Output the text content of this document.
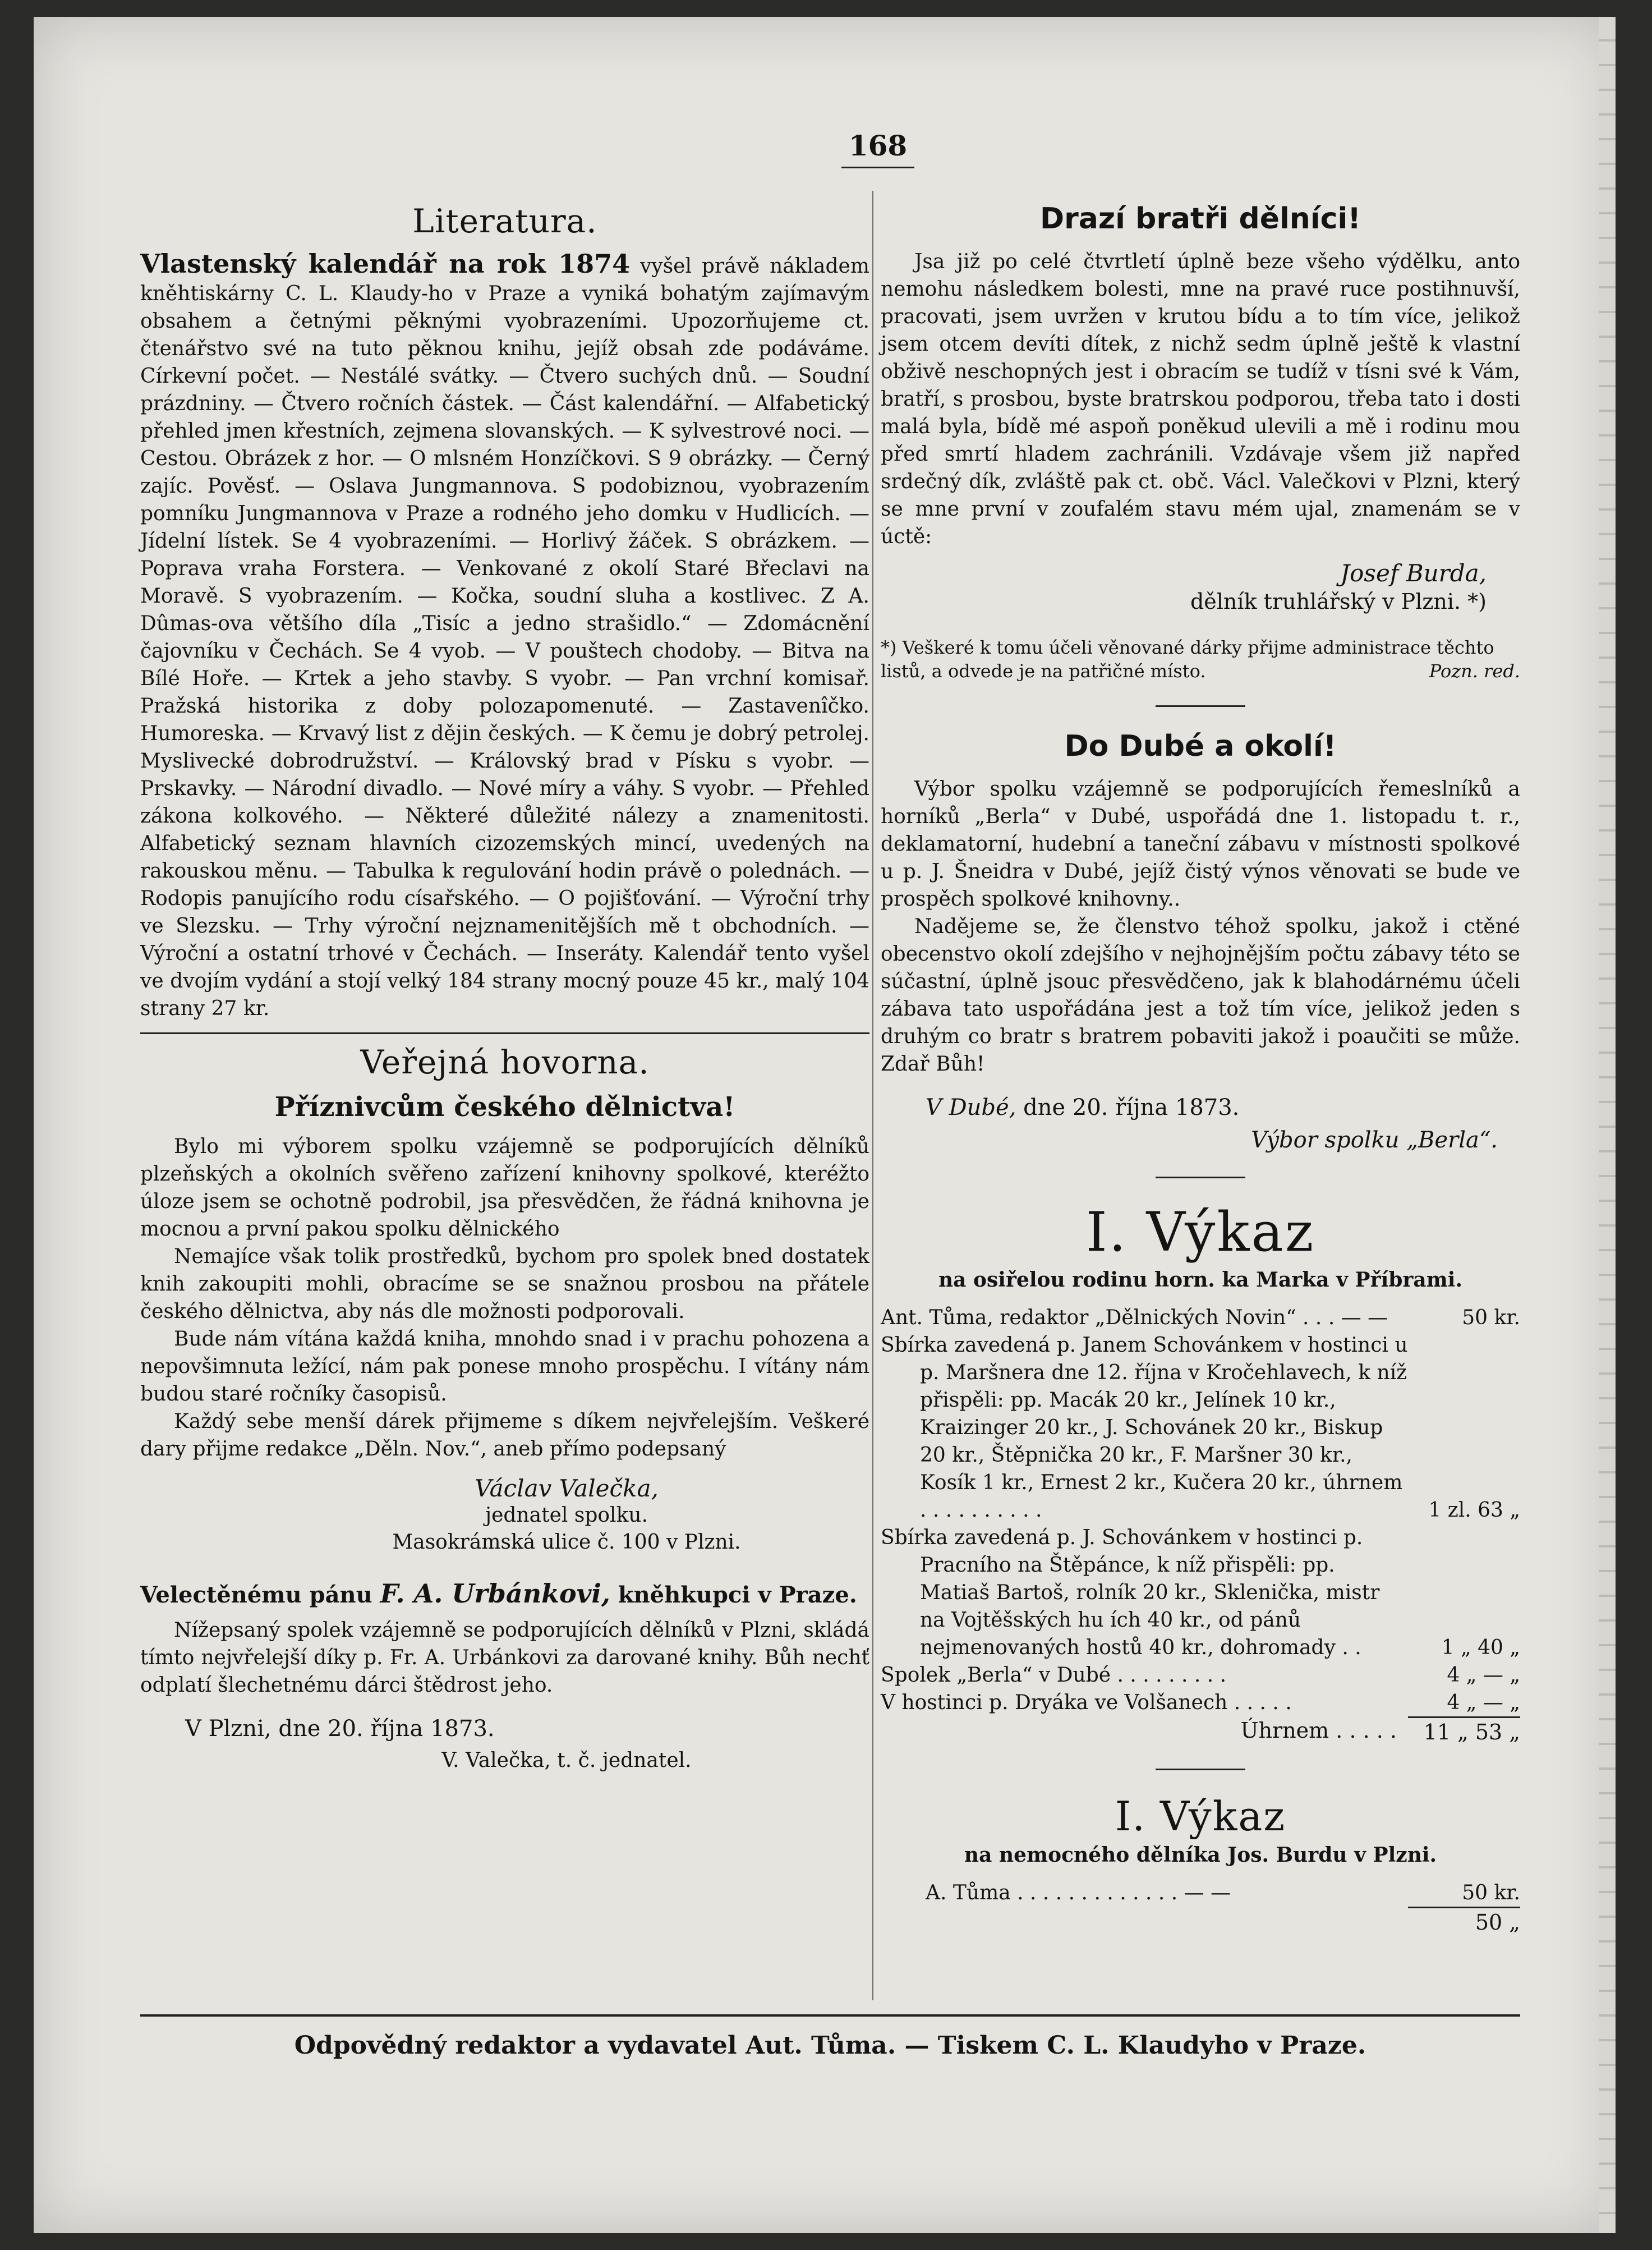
168
Literatura.

Vlastenský kalendář na rok 1874 vyšel právě nákladem kněhtiskárny C. L. Klaudy-ho v Praze a vyniká bohatým zajímavým obsahem a četnými pěknými vyobrazeními. Upozorňujeme ct. čtenářstvo své na tuto pěknou knihu, jejíž obsah zde podáváme. Církevní počet. — Nestálé svátky. — Čtvero suchých dnů. — Soudní prázdniny. — Čtvero ročních částek. — Část kalendářní. — Alfabetický přehled jmen křestních, zejmena slovanských. — K sylvestrové noci. — Cestou. Obrázek z hor. — O mlsném Honzíčkovi. S 9 obrázky. — Černý zajíc. Pověsť. — Oslava Jungmannova. S podobiznou, vyobrazením pomníku Jungmannova v Praze a rodného jeho domku v Hudlicích. — Jídelní lístek. Se 4 vyobrazeními. — Horlivý žáček. S obrázkem. — Poprava vraha Forstera. — Venkované z okolí Staré Břeclavi na Moravě. S vyobrazením. — Kočka, soudní sluha a kostlivec. Z A. Dûmas-ova většího díla „Tisíc a jedno strašidlo.“ — Zdomácnění čajovníku v Čechách. Se 4 vyob. — V pouštech chodoby. — Bitva na Bílé Hoře. — Krtek a jeho stavby. S vyobr. — Pan vrchní komisař. Pražská historika z doby polozapomenuté. — Zastavenîčko. Humoreska. — Krvavý list z dějin českých. — K čemu je dobrý petrolej. Myslivecké dobrodružství. — Královský brad v Písku s vyobr. — Prskavky. — Národní divadlo. — Nové míry a váhy. S vyobr. — Přehled zákona kolkového. — Některé důležité nálezy a znamenitosti. Alfabetický seznam hlavních cizozemských mincí, uvedených na rakouskou měnu. — Tabulka k regulování hodin právě o polednách. — Rodopis panujícího rodu císařského. — O pojišťování. — Výroční trhy ve Slezsku. — Trhy výroční nejznamenitějších mě t obchodních. — Výroční a ostatní trhové v Čechách. — Inseráty. Kalendář tento vyšel ve dvojím vydání a stojí velký 184 strany mocný pouze 45 kr., malý 104 strany 27 kr.

Veřejná hovorna.
Příznivcům českého dělnictva!

Bylo mi výborem spolku vzájemně se podporujících dělníků plzeňských a okolních svěřeno zařízení knihovny spolkové, kteréžto úloze jsem se ochotně podrobil, jsa přesvědčen, že řádná knihovna je mocnou a první pakou spolku dělnického

Nemajíce však tolik prostředků, bychom pro spolek bned dostatek knih zakoupiti mohli, obracíme se se snažnou prosbou na přátele českého dělnictva, aby nás dle možnosti podporovali.

Bude nám vítána každá kniha, mnohdo snad i v prachu pohozena a nepovšimnuta ležící, nám pak ponese mnoho prospěchu. I vítány nám budou staré ročníky časopisů.

Každý sebe menší dárek přijmeme s díkem nejvřelejším. Veškeré dary přijme redakce „Děln. Nov.“, aneb přímo podepsaný

Václav Valečka,
jednatel spolku.
Masokrámská ulice č. 100 v Plzni.
Velectěnému pánu F. A. Urbánkovi, kněhkupci v Praze.

Nížepsaný spolek vzájemně se podporujících dělníků v Plzni, skládá tímto nejvřelejší díky p. Fr. A. Urbánkovi za darované knihy. Bůh nechť odplatí šlechetnému dárci štědrost jeho.

V Plzni, dne 20. října 1873.
V. Valečka, t. č. jednatel.
Drazí bratři dělníci!

Jsa již po celé čtvrtletí úplně beze všeho výdělku, anto nemohu následkem bolesti, mne na pravé ruce postihnuvší, pracovati, jsem uvržen v krutou bídu a to tím více, jelikož jsem otcem devíti dítek, z nichž sedm úplně ještě k vlastní obživě neschopných jest i obracím se tudíž v tísni své k Vám, bratří, s prosbou, byste bratrskou podporou, třeba tato i dosti malá byla, bídě mé aspoň poněkud ulevili a mě i rodinu mou před smrtí hladem zachránili. Vzdávaje všem již napřed srdečný dík, zvláště pak ct. obč. Václ. Valečkovi v Plzni, který se mne první v zoufalém stavu mém ujal, znamenám se v úctě:

Josef Burda,
dělník truhlářský v Plzni. *)
*) Veškeré k tomu účeli věnované dárky přijme administrace těchto listů, a odvede je na patřičné místo.	Pozn. red.
Do Dubé a okolí!

Výbor spolku vzájemně se podporujících řemeslníků a horníků „Berla“ v Dubé, uspořádá dne 1. listopadu t. r., deklamatorní, hudební a taneční zábavu v místnosti spolkové u p. J. Šneidra v Dubé, jejíž čistý výnos věnovati se bude ve prospěch spolkové knihovny..

Nadějeme se, že členstvo téhož spolku, jakož i ctěné obecenstvo okolí zdejšího v nejhojnějším počtu zábavy této se súčastní, úplně jsouc přesvědčeno, jak k blahodárnému účeli zábava tato uspořádána jest a tož tím více, jelikož jeden s druhým co bratr s bratrem pobaviti jakož i poaučiti se může. Zdař Bůh!

V Dubé, dne 20. října 1873.
Výbor spolku „Berla“.
I. Výkaz
na osiřelou rodinu horn. ka Marka v Příbrami.
Ant. Tůma, redaktor „Dělnických Novin“ . . . — —	50 kr.
Sbírka zavedená p. Janem Schovánkem v hostinci u p. Maršnera dne 12. října v Kročehlavech, k níž přispěli: pp. Macák 20 kr., Jelínek 10 kr., Kraizinger 20 kr., J. Schovánek 20 kr., Biskup 20 kr., Štěpnička 20 kr., F. Maršner 30 kr., Kosík 1 kr., Ernest 2 kr., Kučera 20 kr., úhrnem . . . . . . . . . .	1 zl. 63 „
Sbírka zavedená p. J. Schovánkem v hostinci p. Pracního na Štěpánce, k níž přispěli: pp. Matiaš Bartoš, rolník 20 kr., Sklenička, mistr na Vojtěšských hu ích 40 kr., od pánů nejmenovaných hostů 40 kr., dohromady . .	1 „ 40 „
Spolek „Berla“ v Dubé . . . . . . . . .	4 „ — „
V hostinci p. Dryáka ve Volšanech . . . . .	4 „ — „
Úhrnem . . . . .	11 „ 53 „
I. Výkaz
na nemocného dělníka Jos. Burdu v Plzni.
A. Tůma . . . . . . . . . . . . . — —	50 kr.
50 „
Odpovědný redaktor a vydavatel Aut. Tůma. — Tiskem C. L. Klaudyho v Praze.
